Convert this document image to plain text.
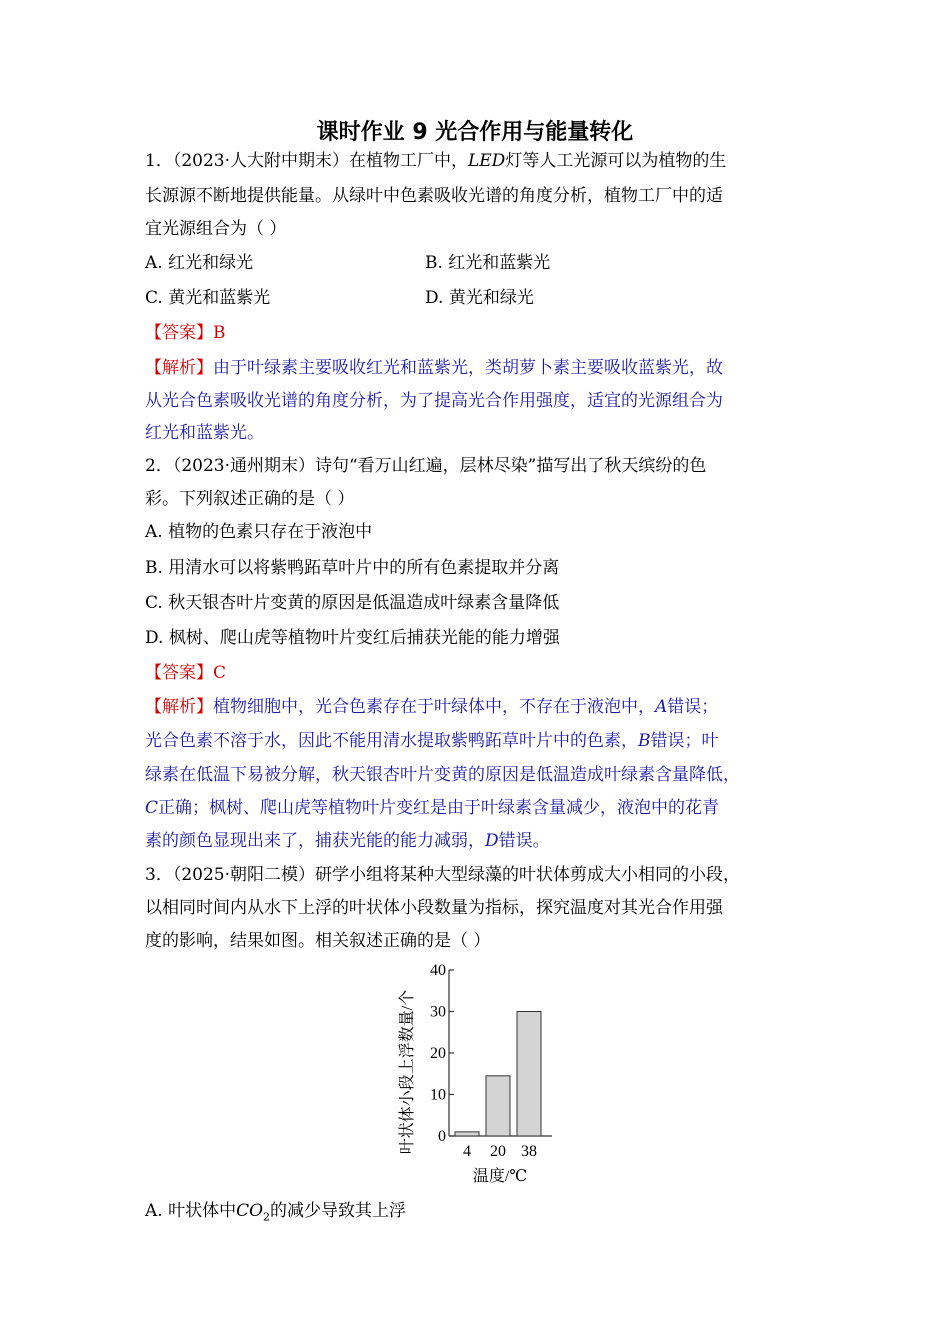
课时作业 9 光合作用与能量转化
1．（2023·人大附中期末）在植物工厂中，LED灯等人工光源可以为植物的生
长源源不断地提供能量。从绿叶中色素吸收光谱的角度分析，植物工厂中的适
宜光源组合为（ ）
A. 红光和绿光	B. 红光和蓝紫光
C. 黄光和蓝紫光	D. 黄光和绿光
【答案】B
【解析】由于叶绿素主要吸收红光和蓝紫光，类胡萝卜素主要吸收蓝紫光，故
从光合色素吸收光谱的角度分析，为了提高光合作用强度，适宜的光源组合为
红光和蓝紫光。
2．（2023·通州期末）诗句“看万山红遍，层林尽染”描写出了秋天缤纷的色
彩。下列叙述正确的是（ ）
A. 植物的色素只存在于液泡中
B. 用清水可以将紫鸭跖草叶片中的所有色素提取并分离
C. 秋天银杏叶片变黄的原因是低温造成叶绿素含量降低
D. 枫树、爬山虎等植物叶片变红后捕获光能的能力增强
【答案】C
【解析】植物细胞中，光合色素存在于叶绿体中，不存在于液泡中，A错误；
光合色素不溶于水，因此不能用清水提取紫鸭跖草叶片中的色素，B错误；叶
绿素在低温下易被分解，秋天银杏叶片变黄的原因是低温造成叶绿素含量降低，
C正确；枫树、爬山虎等植物叶片变红是由于叶绿素含量减少，液泡中的花青
素的颜色显现出来了，捕获光能的能力减弱，D错误。
3．（2025·朝阳二模）研学小组将某种大型绿藻的叶状体剪成大小相同的小段，
以相同时间内从水下上浮的叶状体小段数量为指标，探究温度对其光合作用强
度的影响，结果如图。相关叙述正确的是（ ）
叶状体小段上浮数量/个 0
10
20
30
40
4 20 38
温度/℃
A. 叶状体中$CO_2$的减少导致其上浮
